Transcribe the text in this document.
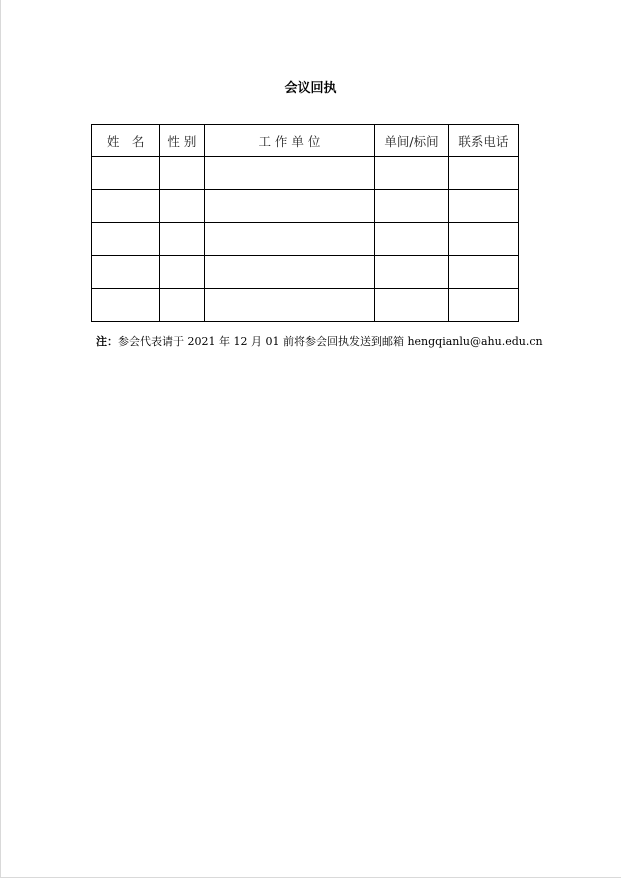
会议回执
姓　名	性 别	工 作 单 位	单间/标间	联系电话

注：参会代表请于 2021 年 12 月 01 前将参会回执发送到邮箱 hengqianlu@ahu.edu.cn
